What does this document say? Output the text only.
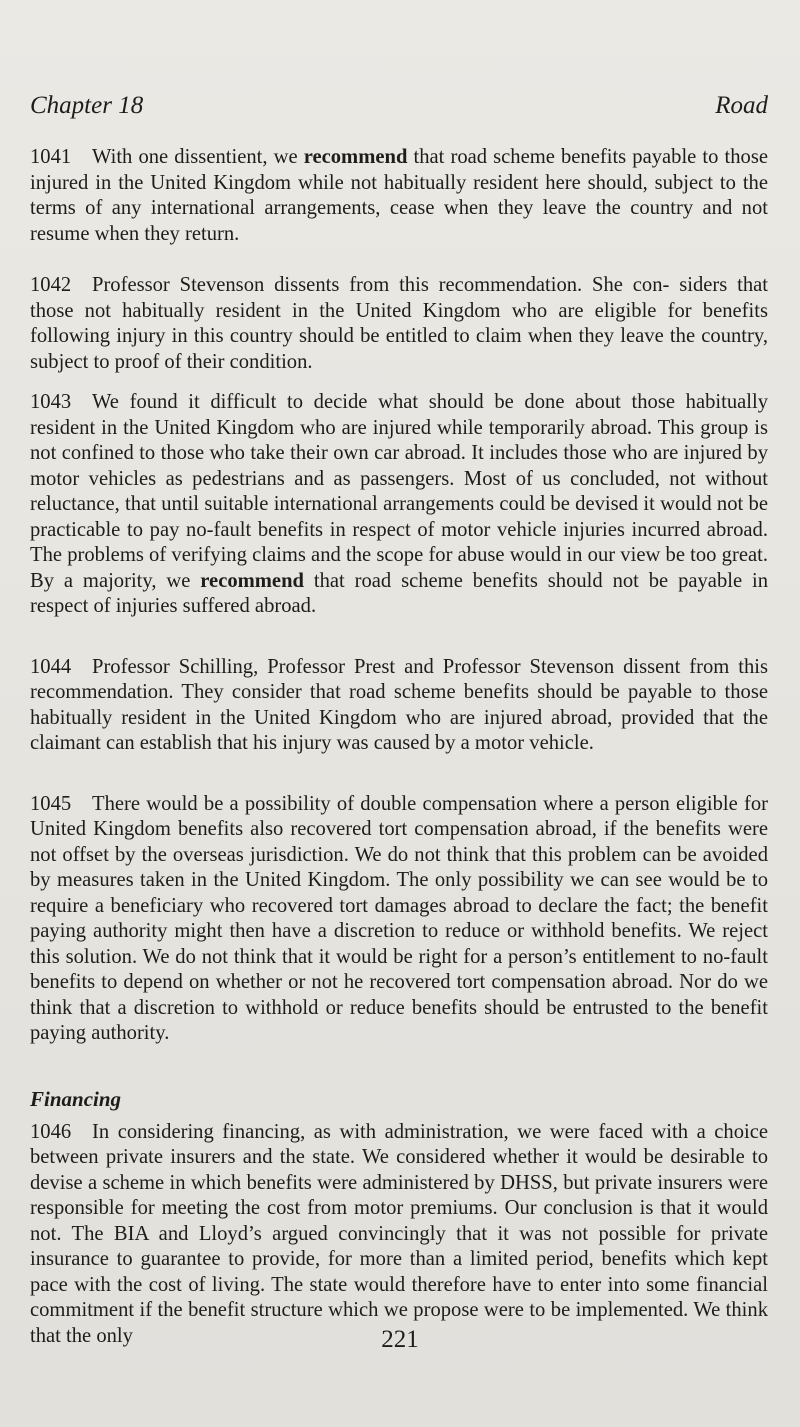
Chapter 18	Road

1041 With one dissentient, we recommend that road scheme benefits payable to those injured in the United Kingdom while not habitually resident here should, subject to the terms of any international arrangements, cease when they leave the country and not resume when they return.

1042 Professor Stevenson dissents from this recommendation. She con- siders that those not habitually resident in the United Kingdom who are eligible for benefits following injury in this country should be entitled to claim when they leave the country, subject to proof of their condition.

1043 We found it difficult to decide what should be done about those habitually resident in the United Kingdom who are injured while temporarily abroad. This group is not confined to those who take their own car abroad. It includes those who are injured by motor vehicles as pedestrians and as passengers. Most of us concluded, not without reluctance, that until suitable international arrangements could be devised it would not be practicable to pay no-fault benefits in respect of motor vehicle injuries incurred abroad. The problems of verifying claims and the scope for abuse would in our view be too great. By a majority, we recommend that road scheme benefits should not be payable in respect of injuries suffered abroad.

1044 Professor Schilling, Professor Prest and Professor Stevenson dissent from this recommendation. They consider that road scheme benefits should be payable to those habitually resident in the United Kingdom who are injured abroad, provided that the claimant can establish that his injury was caused by a motor vehicle.

1045 There would be a possibility of double compensation where a person eligible for United Kingdom benefits also recovered tort compensation abroad, if the benefits were not offset by the overseas jurisdiction. We do not think that this problem can be avoided by measures taken in the United Kingdom. The only possibility we can see would be to require a beneficiary who recovered tort damages abroad to declare the fact; the benefit paying authority might then have a discretion to reduce or withhold benefits. We reject this solution. We do not think that it would be right for a person’s entitlement to no-fault benefits to depend on whether or not he recovered tort compensation abroad. Nor do we think that a discretion to withhold or reduce benefits should be entrusted to the benefit paying authority.

Financing

1046 In considering financing, as with administration, we were faced with a choice between private insurers and the state. We considered whether it would be desirable to devise a scheme in which benefits were administered by DHSS, but private insurers were responsible for meeting the cost from motor premiums. Our conclusion is that it would not. The BIA and Lloyd’s argued convincingly that it was not possible for private insurance to guarantee to provide, for more than a limited period, benefits which kept pace with the cost of living. The state would therefore have to enter into some financial commitment if the benefit structure which we propose were to be implemented. We think that the only	221
